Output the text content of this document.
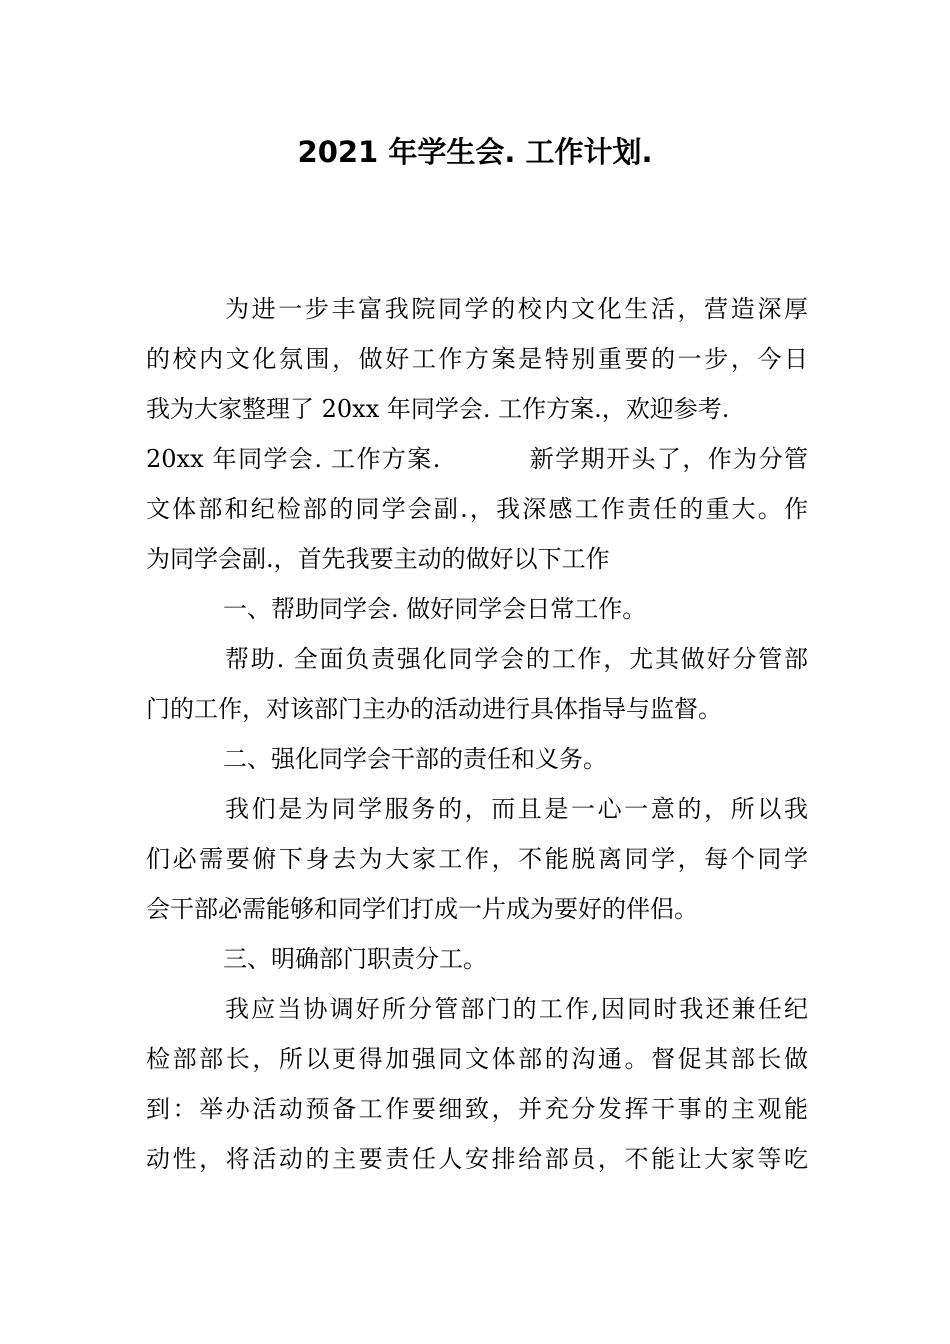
2021 年学生会. 工作计划.
为进一步丰富我院同学的校内文化生活，营造深厚
的校内文化氛围，做好工作方案是特别重要的一步，今日
我为大家整理了 20xx 年同学会. 工作方案.，欢迎参考.
20xx 年同学会. 工作方案.	新学期开头了，作为分管
文体部和纪检部的同学会副.，我深感工作责任的重大。作
为同学会副.，首先我要主动的做好以下工作
一、帮助同学会. 做好同学会日常工作。
帮助. 全面负责强化同学会的工作，尤其做好分管部
门的工作，对该部门主办的活动进行具体指导与监督。
二、强化同学会干部的责任和义务。
我们是为同学服务的，而且是一心一意的，所以我
们必需要俯下身去为大家工作，不能脱离同学，每个同学
会干部必需能够和同学们打成一片成为要好的伴侣。
三、明确部门职责分工。
我应当协调好所分管部门的工作,因同时我还兼任纪
检部部长，所以更得加强同文体部的沟通。督促其部长做
到：举办活动预备工作要细致，并充分发挥干事的主观能
动性，将活动的主要责任人安排给部员，不能让大家等吃
